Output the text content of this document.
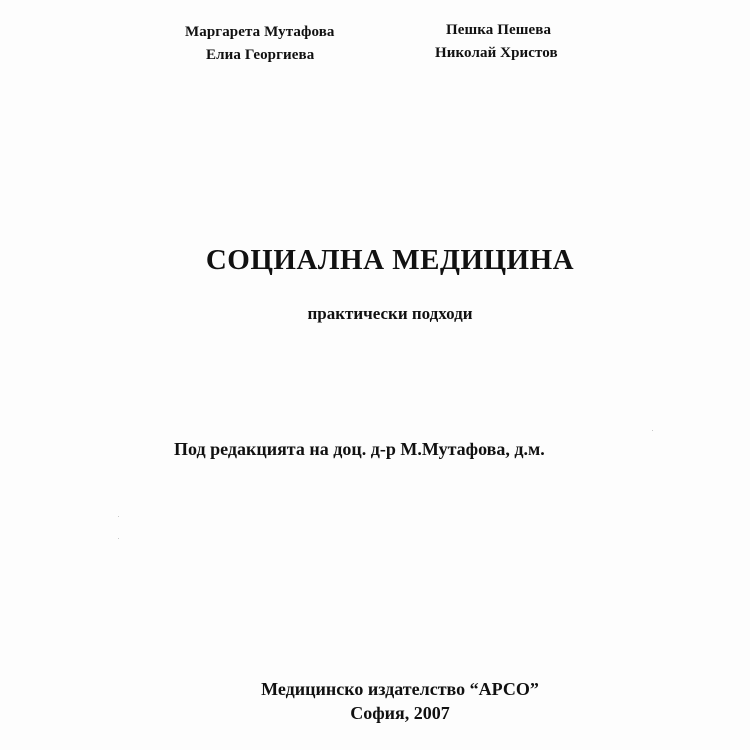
Маргарета Мутафова
Елиа Георгиева
Пешка Пешева
Николай Христов
СОЦИАЛНА МЕДИЦИНА
практически подходи
Под редакцията на доц. д-р М.Мутафова, д.м.
Медицинско издателство “АРСО”
София, 2007
